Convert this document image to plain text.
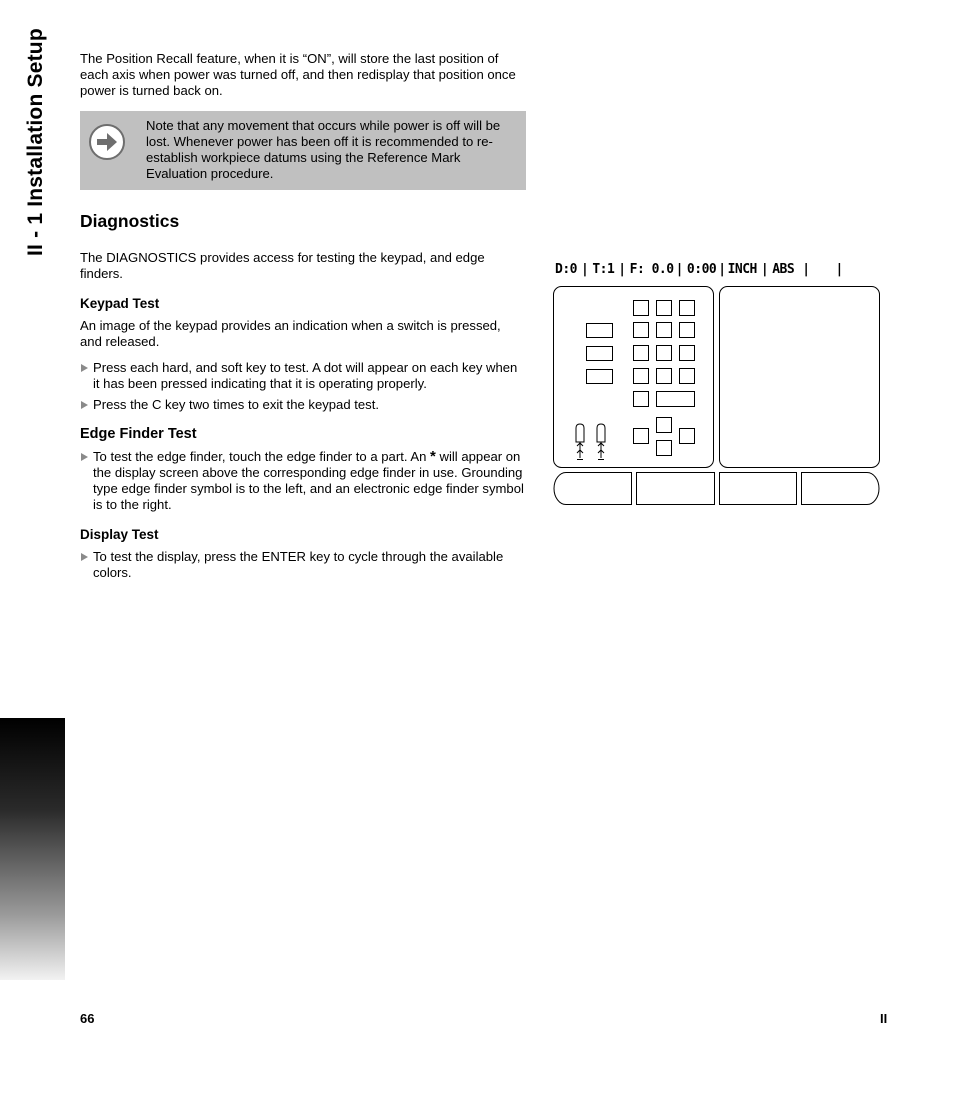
II - 1 Installation Setup	The Position Recall feature, when it is “ON”, will store the last position of each axis when power was turned off, and then redisplay that position once power is turned back on.

Note that any movement that occurs while power is off will be lost. Whenever power has been off it is recommended to re-establish workpiece datums using the Reference Mark Evaluation procedure.

Diagnostics

The DIAGNOSTICS provides access for testing the keypad, and edge finders.

Keypad Test

An image of the keypad provides an indication when a switch is pressed, and released.

Press each hard, and soft key to test. A dot will appear on each key when it has been pressed indicating that it is operating properly.

Press the C key two times to exit the keypad test.

Edge Finder Test

To test the edge finder, touch the edge finder to a part. An * will appear on the display screen above the corresponding edge finder in use. Grounding type edge finder symbol is to the left, and an electronic edge finder symbol is to the right.

Display Test

To test the display, press the ENTER key to cycle through the available colors.

D:0 | T:1 | F: 0.0 | 0:00 | INCH | ABS | |
66	II
